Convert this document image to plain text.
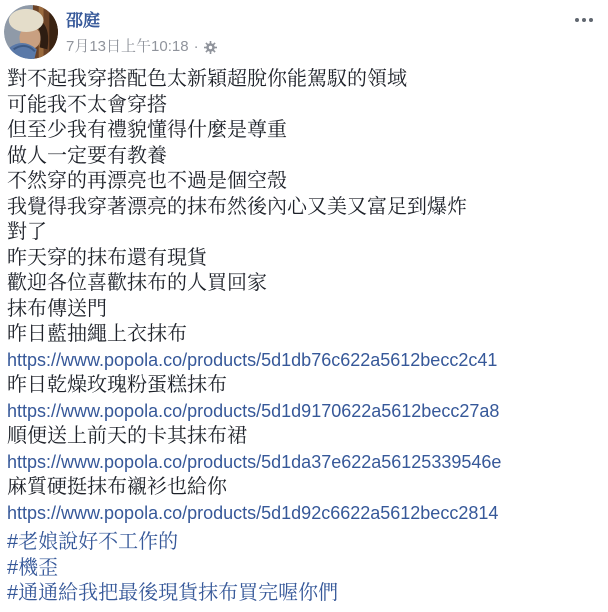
邵庭
7月13日上午10:18 ·
對不起我穿搭配色太新穎超脫你能駕馭的領域
可能我不太會穿搭
但至少我有禮貌懂得什麼是尊重
做人一定要有教養
不然穿的再漂亮也不過是個空殼
我覺得我穿著漂亮的抹布然後內心又美又富足到爆炸
對了
昨天穿的抹布還有現貨
歡迎各位喜歡抹布的人買回家
抹布傳送門
昨日藍抽繩上衣抹布
https://www.popola.co/products/5d1db76c622a5612becc2c41
昨日乾燥玫瑰粉蛋糕抹布
https://www.popola.co/products/5d1d9170622a5612becc27a8
順便送上前天的卡其抹布裙
https://www.popola.co/products/5d1da37e622a56125339546e
麻質硬挺抹布襯衫也給你
https://www.popola.co/products/5d1d92c6622a5612becc2814
#老娘說好不工作的
#機歪
#通通給我把最後現貨抹布買完喔你們
